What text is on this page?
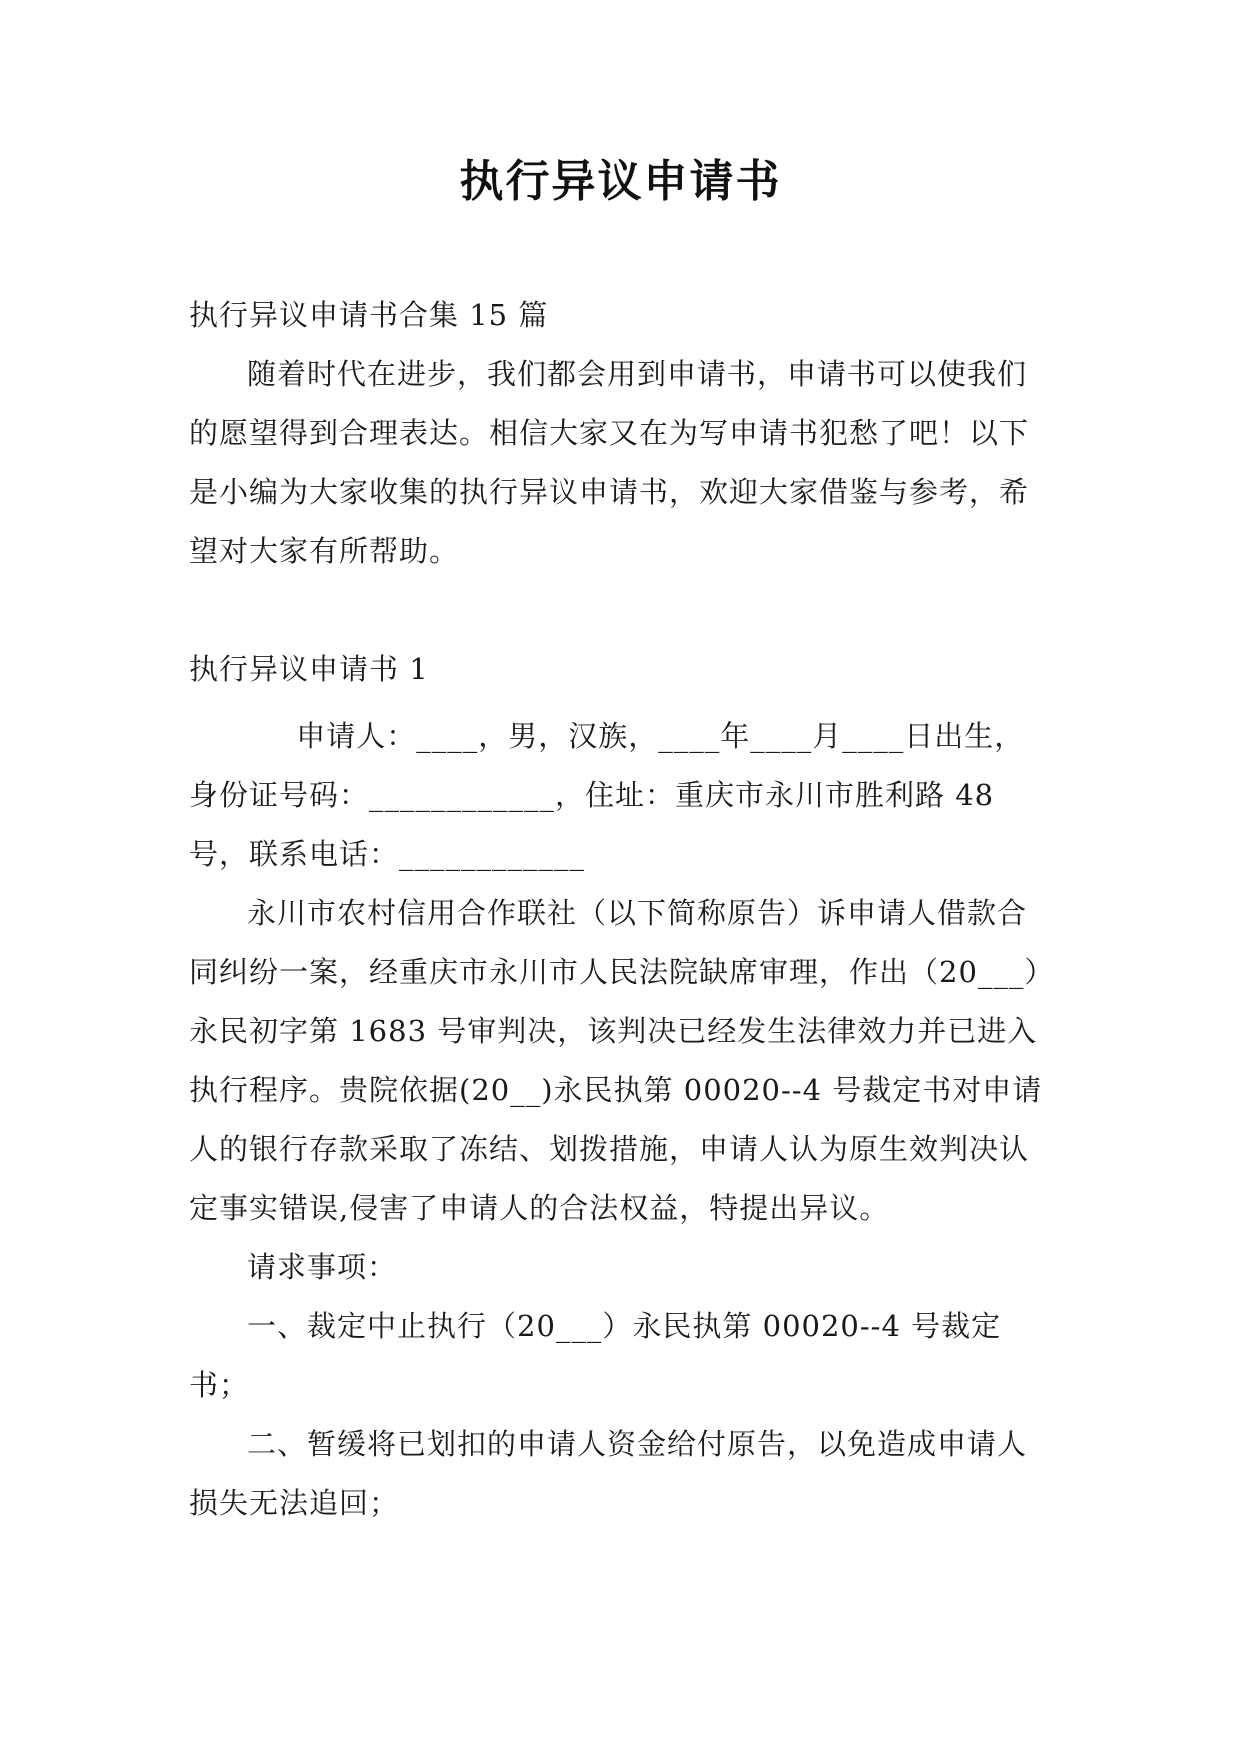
执行异议申请书

执行异议申请书合集 15 篇

随着时代在进步，我们都会用到申请书，申请书可以使我们的愿望得到合理表达。相信大家又在为写申请书犯愁了吧！以下是小编为大家收集的执行异议申请书，欢迎大家借鉴与参考，希望对大家有所帮助。

执行异议申请书 1

申请人：____，男，汉族，____年____月____日出生，身份证号码：____________，住址：重庆市永川市胜利路 48 号，联系电话：____________

永川市农村信用合作联社（以下简称原告）诉申请人借款合同纠纷一案，经重庆市永川市人民法院缺席审理，作出（20___）永民初字第 1683 号审判决，该判决已经发生法律效力并已进入执行程序。贵院依据(20__)永民执第 00020--4 号裁定书对申请人的银行存款采取了冻结、划拨措施，申请人认为原生效判决认定事实错误,侵害了申请人的合法权益，特提出异议。

请求事项：

一、裁定中止执行（20___）永民执第 00020--4 号裁定书；

二、暂缓将已划扣的申请人资金给付原告，以免造成申请人损失无法追回；
